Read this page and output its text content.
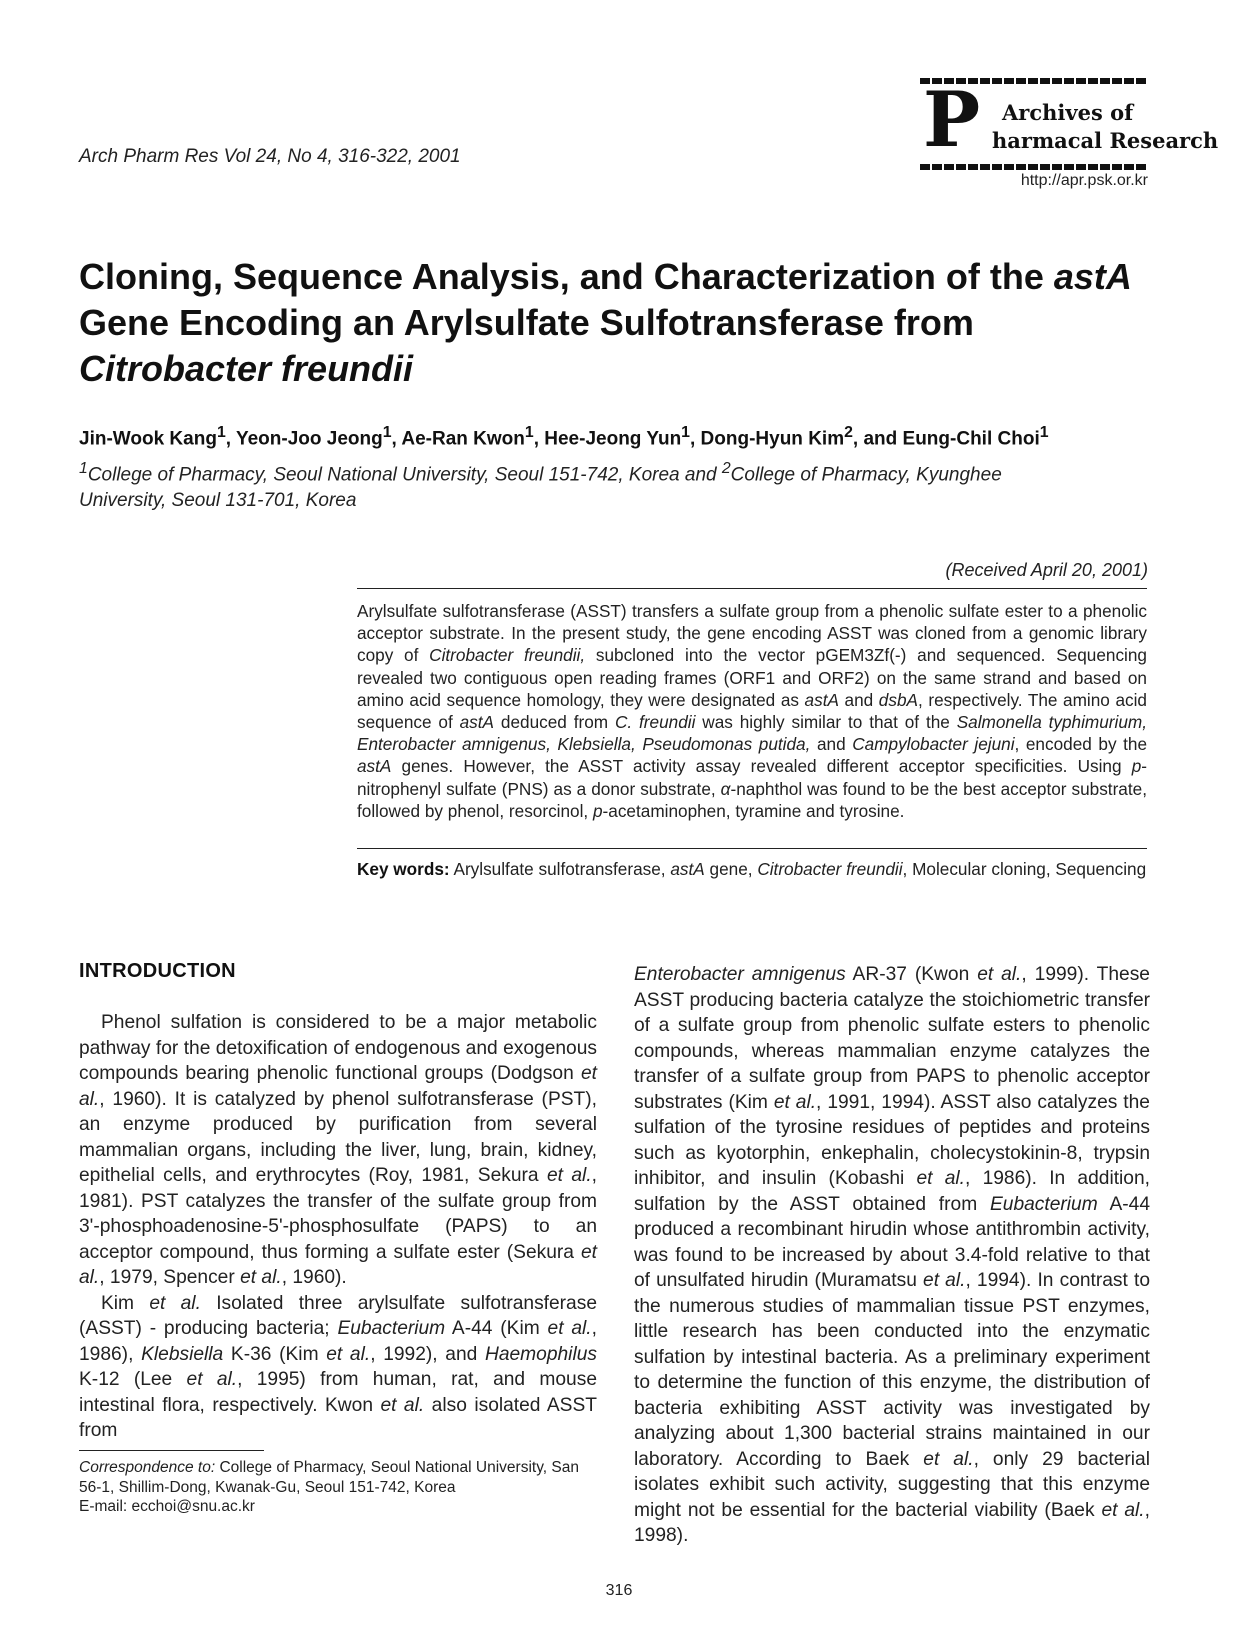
Arch Pharm Res Vol 24, No 4, 316-322, 2001	P Archives of
harmacal Research
http://apr.psk.or.kr
Cloning, Sequence Analysis, and Characterization of the astA Gene Encoding an Arylsulfate Sulfotransferase from Citrobacter freundii
Jin-Wook Kang$^1$, Yeon-Joo Jeong$^1$, Ae-Ran Kwon$^1$, Hee-Jeong Yun$^1$, Dong-Hyun Kim$^2$, and Eung-Chil Choi$^1$
$^1$College of Pharmacy, Seoul National University, Seoul 151-742, Korea and $^2$College of Pharmacy, Kyunghee University, Seoul 131-701, Korea
(Received April 20, 2001)

Arylsulfate sulfotransferase (ASST) transfers a sulfate group from a phenolic sulfate ester to a phenolic acceptor substrate. In the present study, the gene encoding ASST was cloned from a genomic library copy of Citrobacter freundii, subcloned into the vector pGEM3Zf(-) and sequenced. Sequencing revealed two contiguous open reading frames (ORF1 and ORF2) on the same strand and based on amino acid sequence homology, they were designated as astA and dsbA, respectively. The amino acid sequence of astA deduced from C. freundii was highly similar to that of the Salmonella typhimurium, Enterobacter amnigenus, Klebsiella, Pseudomonas putida, and Campylobacter jejuni, encoded by the astA genes. However, the ASST activity assay revealed different acceptor specificities. Using p-nitrophenyl sulfate (PNS) as a donor substrate, α-naphthol was found to be the best acceptor substrate, followed by phenol, resorcinol, p-acetaminophen, tyramine and tyrosine.

Key words: Arylsulfate sulfotransferase, astA gene, Citrobacter freundii, Molecular cloning, Sequencing
INTRODUCTION

Phenol sulfation is considered to be a major metabolic pathway for the detoxification of endogenous and exogenous compounds bearing phenolic functional groups (Dodgson et al., 1960). It is catalyzed by phenol sulfotransferase (PST), an enzyme produced by purification from several mammalian organs, including the liver, lung, brain, kidney, epithelial cells, and erythrocytes (Roy, 1981, Sekura et al., 1981). PST catalyzes the transfer of the sulfate group from 3'-phosphoadenosine-5'-phosphosulfate (PAPS) to an acceptor compound, thus forming a sulfate ester (Sekura et al., 1979, Spencer et al., 1960).

Kim et al. Isolated three arylsulfate sulfotransferase (ASST) - producing bacteria; Eubacterium A-44 (Kim et al., 1986), Klebsiella K-36 (Kim et al., 1992), and Haemophilus K-12 (Lee et al., 1995) from human, rat, and mouse intestinal flora, respectively. Kwon et al. also isolated ASST from

Enterobacter amnigenus AR-37 (Kwon et al., 1999). These ASST producing bacteria catalyze the stoichiometric transfer of a sulfate group from phenolic sulfate esters to phenolic compounds, whereas mammalian enzyme catalyzes the transfer of a sulfate group from PAPS to phenolic acceptor substrates (Kim et al., 1991, 1994). ASST also catalyzes the sulfation of the tyrosine residues of peptides and proteins such as kyotorphin, enkephalin, cholecystokinin-8, trypsin inhibitor, and insulin (Kobashi et al., 1986). In addition, sulfation by the ASST obtained from Eubacterium A-44 produced a recombinant hirudin whose antithrombin activity, was found to be increased by about 3.4-fold relative to that of unsulfated hirudin (Muramatsu et al., 1994). In contrast to the numerous studies of mammalian tissue PST enzymes, little research has been conducted into the enzymatic sulfation by intestinal bacteria. As a preliminary experiment to determine the function of this enzyme, the distribution of bacteria exhibiting ASST activity was investigated by analyzing about 1,300 bacterial strains maintained in our laboratory. According to Baek et al., only 29 bacterial isolates exhibit such activity, suggesting that this enzyme might not be essential for the bacterial viability (Baek et al., 1998).

Correspondence to: College of Pharmacy, Seoul National University, San 56-1, Shillim-Dong, Kwanak-Gu, Seoul 151-742, Korea
E-mail: ecchoi@snu.ac.kr
316
